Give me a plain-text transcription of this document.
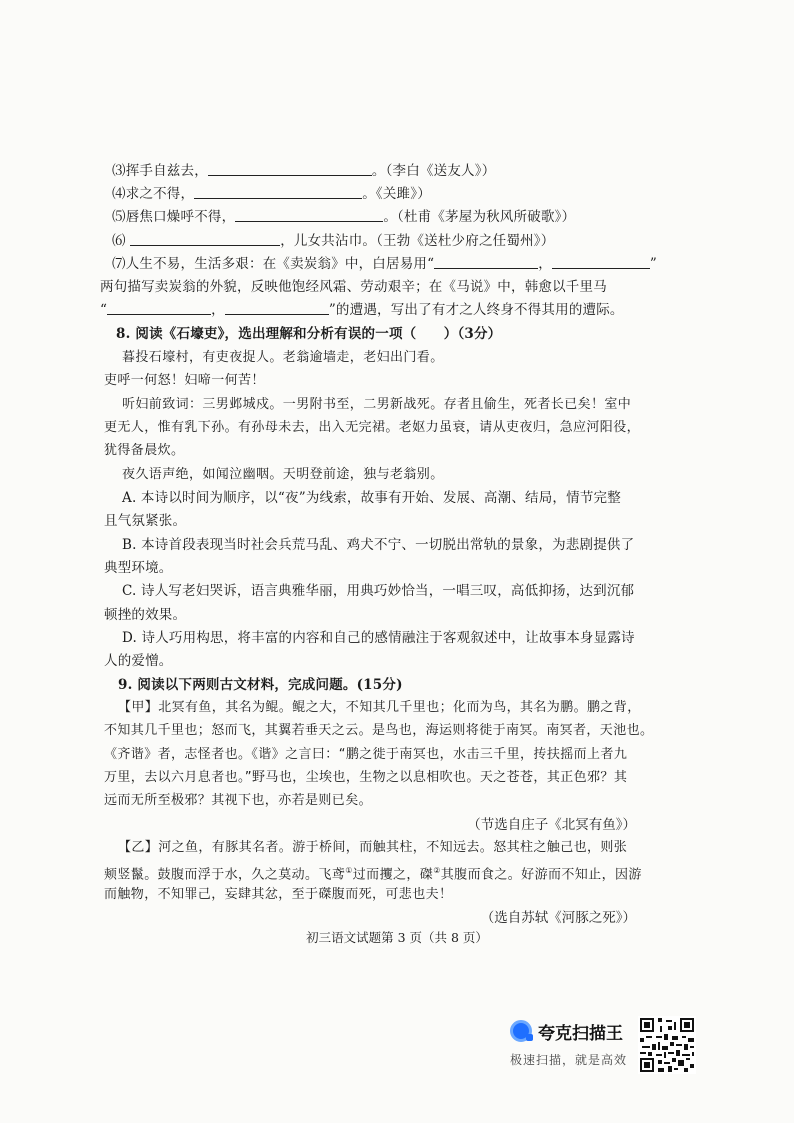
⑶挥手自兹去，	。（李白《送友人》）
⑷求之不得，	。《关雎》）
⑸唇焦口燥呼不得，	。（杜甫《茅屋为秋风所破歌》）
⑹	，儿女共沾巾。（王勃《送杜少府之任蜀州》）
⑺人生不易，生活多艰：在《卖炭翁》中，白居易用“	，	”
两句描写卖炭翁的外貌，反映他饱经风霜、劳动艰辛；在《马说》中，韩愈以千里马
“	，	”的遭遇，写出了有才之人终身不得其用的遭际。
8. 阅读《石壕吏》，选出理解和分析有误的一项（　　）（3分）
暮投石壕村，有吏夜捉人。老翁逾墙走，老妇出门看。
吏呼一何怒！妇啼一何苦！
听妇前致词：三男邺城戍。一男附书至，二男新战死。存者且偷生，死者长已矣！室中
更无人，惟有乳下孙。有孙母未去，出入无完裙。老妪力虽衰，请从吏夜归，急应河阳役，
犹得备晨炊。
夜久语声绝，如闻泣幽咽。天明登前途，独与老翁别。
A. 本诗以时间为顺序，以“夜”为线索，故事有开始、发展、高潮、结局，情节完整
且气氛紧张。
B. 本诗首段表现当时社会兵荒马乱、鸡犬不宁、一切脱出常轨的景象，为悲剧提供了
典型环境。
C. 诗人写老妇哭诉，语言典雅华丽，用典巧妙恰当，一唱三叹，高低抑扬，达到沉郁
顿挫的效果。
D. 诗人巧用构思，将丰富的内容和自己的感情融注于客观叙述中，让故事本身显露诗
人的爱憎。
9. 阅读以下两则古文材料，完成问题。(15分)
【甲】北冥有鱼，其名为鲲。鲲之大，不知其几千里也；化而为鸟，其名为鹏。鹏之背，
不知其几千里也；怒而飞，其翼若垂天之云。是鸟也，海运则将徙于南冥。南冥者，天池也。
《齐谐》者，志怪者也。《谐》之言曰：“鹏之徙于南冥也，水击三千里，抟扶摇而上者九
万里，去以六月息者也。”野马也，尘埃也，生物之以息相吹也。天之苍苍，其正色邪？其
远而无所至极邪？其视下也，亦若是则已矣。
（节选自庄子《北冥有鱼》）
【乙】河之鱼，有豚其名者。游于桥间，而触其柱，不知远去。怒其柱之触己也，则张
颊竖鬣。鼓腹而浮于水，久之莫动。飞鸢①过而攫之，磔②其腹而食之。好游而不知止，因游
而触物，不知罪己，妄肆其忿，至于磔腹而死，可悲也夫！
（选自苏轼《河豚之死》）
初三语文试题第 3 页（共 8 页）
夸克扫描王
极速扫描，就是高效
